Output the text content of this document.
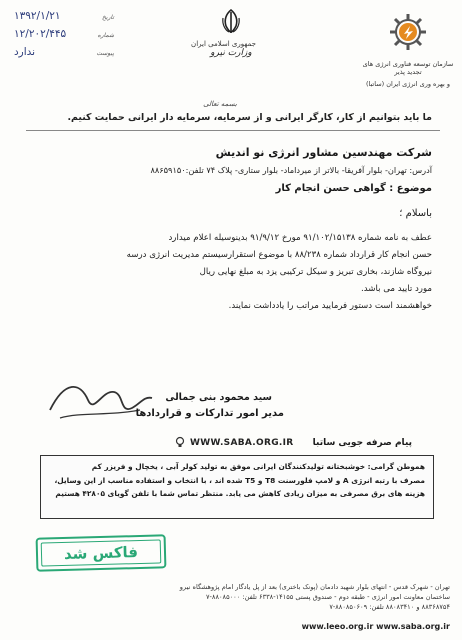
سازمان توسعه فناوری انرژی های تجدید پذیر
و بهره وری انرژی ایران (ساتبا)
جمهوری اسلامی ایران
وزارت نیرو
۱۳۹۲/۱/۲۱	تاریخ
۱۲/۲۰۲/۴۴۵	شماره
ندارد	پیوست
بسمه تعالی
ما باید بتوانیم از کار، کارگر ایرانی و از سرمایه، سرمایه دار ایرانی حمایت کنیم.
شرکت مهندسین مشاور انرژی نو اندیش
آدرس: تهران- بلوار آفریقا- بالاتر از میرداماد- بلوار ستاری- پلاک ۷۴ تلفن:۸۸۶۵۹۱۵۰
موضوع : گواهی حسن انجام کار
باسلام ؛

عطف به نامه شماره ۹۱/۱۰۲/۱۵۱۳۸ مورخ ۹۱/۹/۱۲ بدینوسیله اعلام میدارد

حسن انجام کار قرارداد شماره ۸۸/۲۳۸ با موضوع استقرارسیستم مدیریت انرژی درسه

نیروگاه شازند، بخاری تبریز و سیکل ترکیبی یزد به مبلغ نهایی ریال

مورد تایید می باشد.

خواهشمند است دستور فرمایید مراتب را یادداشت نمایند.

سید محمود بنی جمالی
مدیر امور تدارکات و قراردادها
WWW.SABA.ORG.IR پیام صرفه جویی ساتبا

هموطن گرامی: خوشبختانه تولیدکنندگان ایرانی موفق به تولید کولر آبی ، یخچال و فریزر کم

مصرف با رتبه انرژی A و لامپ فلورسنت T8 و T5 شده اند ، با انتخاب و استفاده مناسب از این وسایل،

هزینه های برق مصرفی به میزان زیادی کاهش می یابد. منتظر تماس شما با تلفن گویای ۴۲۸۰۵ هستیم

فاکس شد

تهران - شهرک قدس - انتهای بلوار شهید دادمان (پونک باختری) بعد از پل یادگار امام پژوهشگاه نیرو

ساختمان معاونت امور انرژی - طبقه دوم - صندوق پستی ۱۴۱۵۵-۶۳۳۸ تلفن: ۸۸۰۸۵۰۰۰-۷

۸۸۳۶۸۷۵۴ و ۸۸۰۸۳۴۱۰ تلفن: ۸۸۰۸۵۰۶۰۹-۷

www.leeo.org.ir www.saba.org.ir
